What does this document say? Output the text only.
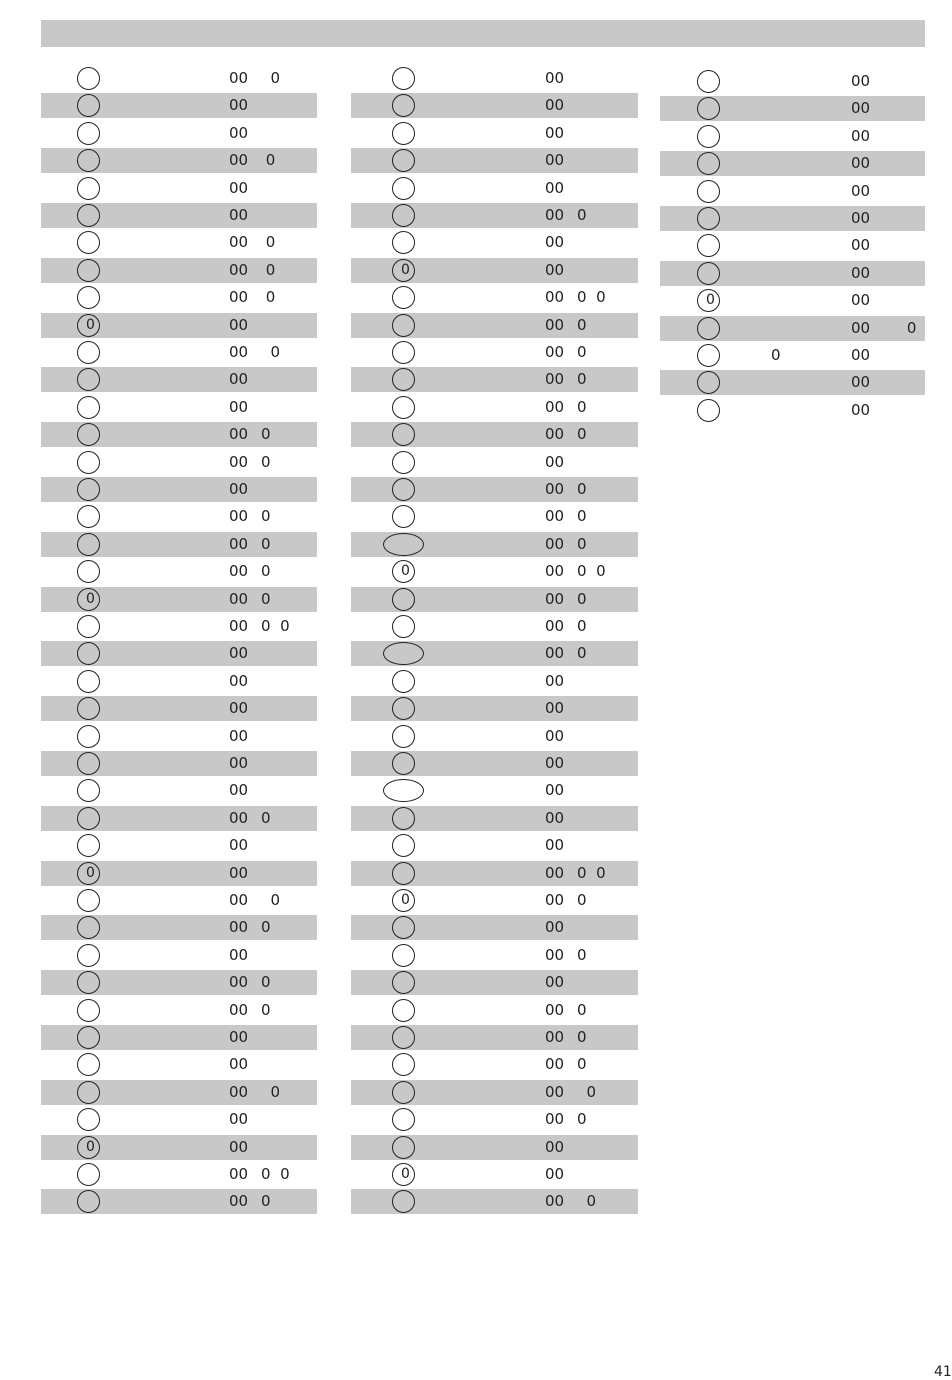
00 0
00
00
00 0
00
00
00 0
00 0
00 0
0	00
00 0
00
00
00 0
00 0
00
00 0
00 0
00 0
0	00 0
00 0  0
00
00
00
00
00
00
00 0
00
0	00
00 0
00 0
00
00 0
00 0
00
00
00 0
00
0	00
00 0  0
00 0
00
00
00
00
00
00 0
00
0	00
00 0  0
00 0
00 0
00 0
00 0
00 0
00
00 0
00 0
00 0
0	00 0  0
00 0
00 0
00 0
00
00
00
00
00
00
00
00 0  0
0	00 0
00
00 0
00
00 0
00 0
00 0
00 0
00 0
00
0	00
00 0
00
00
00
00
00
00
00
00
0	00
00 0
0	00
00
00
41
